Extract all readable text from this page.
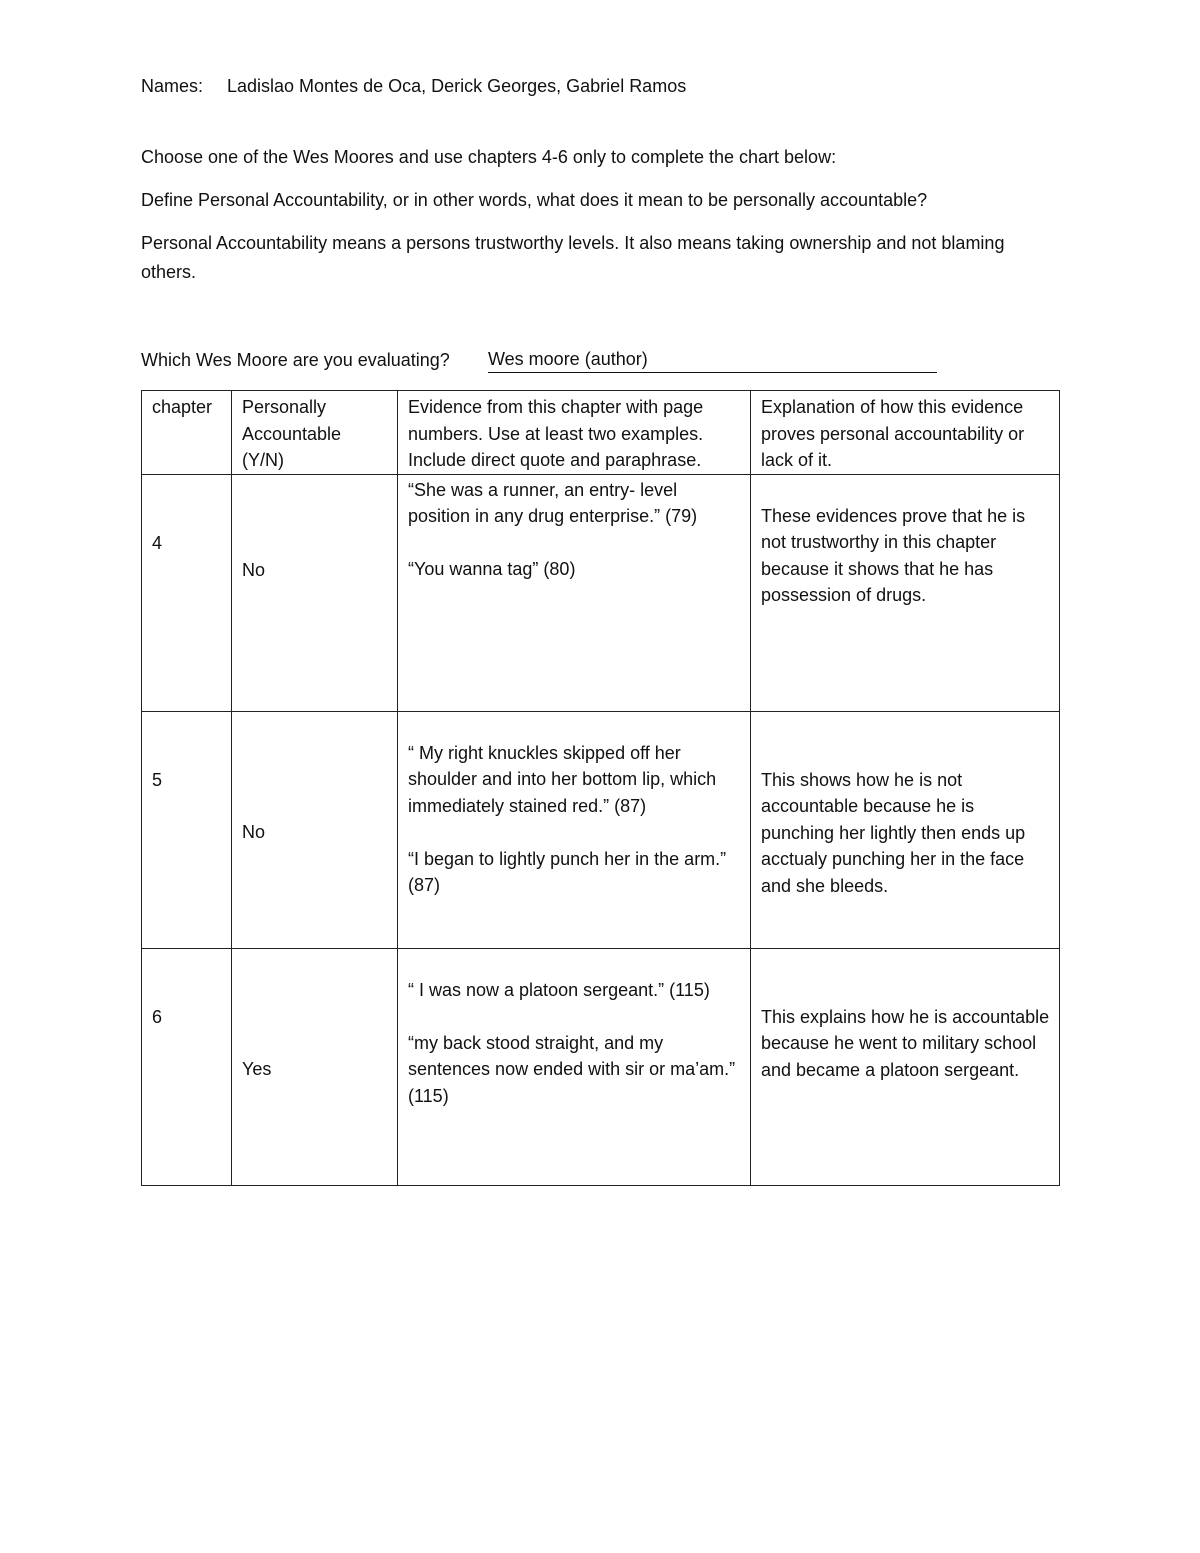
Names: Ladislao Montes de Oca, Derick Georges, Gabriel Ramos
Choose one of the Wes Moores and use chapters 4-6 only to complete the chart below:
Define Personal Accountability, or in other words, what does it mean to be personally accountable?
Personal Accountability means a persons trustworthy levels. It also means taking ownership and not blaming others.
Which Wes Moore are you evaluating? Wes moore (author)
chapter	Personally Accountable (Y/N)	Evidence from this chapter with page numbers. Use at least two examples. Include direct quote and paraphrase.	Explanation of how this evidence proves personal accountability or lack of it.

4	No	“She was a runner, an entry- level position in any drug enterprise.” (79)
“You wanna tag” (80)	These evidences prove that he is not trustworthy in this chapter because it shows that he has possession of drugs.

5	No	“ My right knuckles skipped off her shoulder and into her bottom lip, which immediately stained red.” (87)
“I began to lightly punch her in the arm.” (87)	This shows how he is not accountable because he is punching her lightly then ends up acctualy punching her in the face and she bleeds.

6	Yes	“ I was now a platoon sergeant.” (115)
“my back stood straight, and my sentences now ended with sir or ma’am.” (115)	This explains how he is accountable because he went to military school and became a platoon sergeant.
